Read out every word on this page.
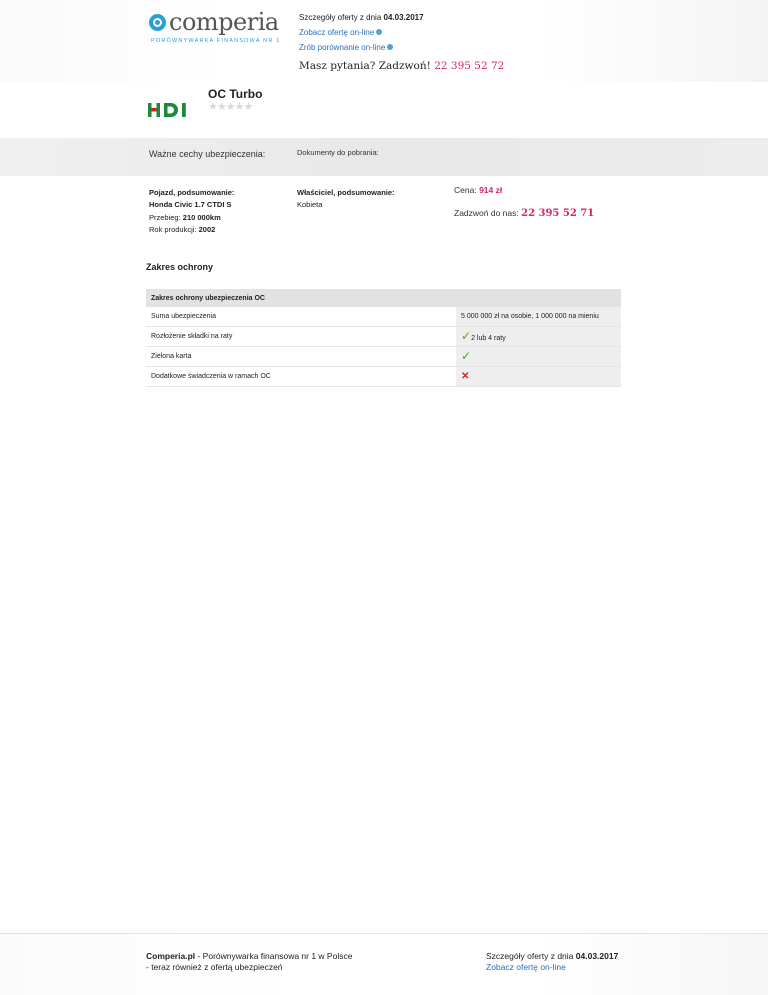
comperia
PORÓWNYWARKA FINANSOWA NR 1
Szczegóły oferty z dnia 04.03.2017
Zobacz ofertę on-line
Zrób porównanie on-line
Masz pytania? Zadzwoń! 22 395 52 72
OC Turbo
★★★★★
Ważne cechy ubezpieczenia:	Dokumenty do pobrania:
Pojazd, podsumowanie:
Honda Civic 1.7 CTDI S
Przebieg: 210 000km
Rok produkcji: 2002
Właściciel, podsumowanie:
Kobieta
Cena: 914 zł
Zadzwoń do nas: 22 395 52 71
Zakres ochrony
Zakres ochrony ubezpieczenia OC	
Suma ubezpieczenia	5 000 000 zł na osobie, 1 000 000 na mieniu
Rozłożenie składki na raty	✓2 lub 4 raty
Zielona karta	✓
Dodatkowe świadczenia w ramach OC	✕
Comperia.pl - Porównywarka finansowa nr 1 w Polsce
- teraz również z ofertą ubezpieczeń
Szczegóły oferty z dnia 04.03.2017
Zobacz ofertę on-line
